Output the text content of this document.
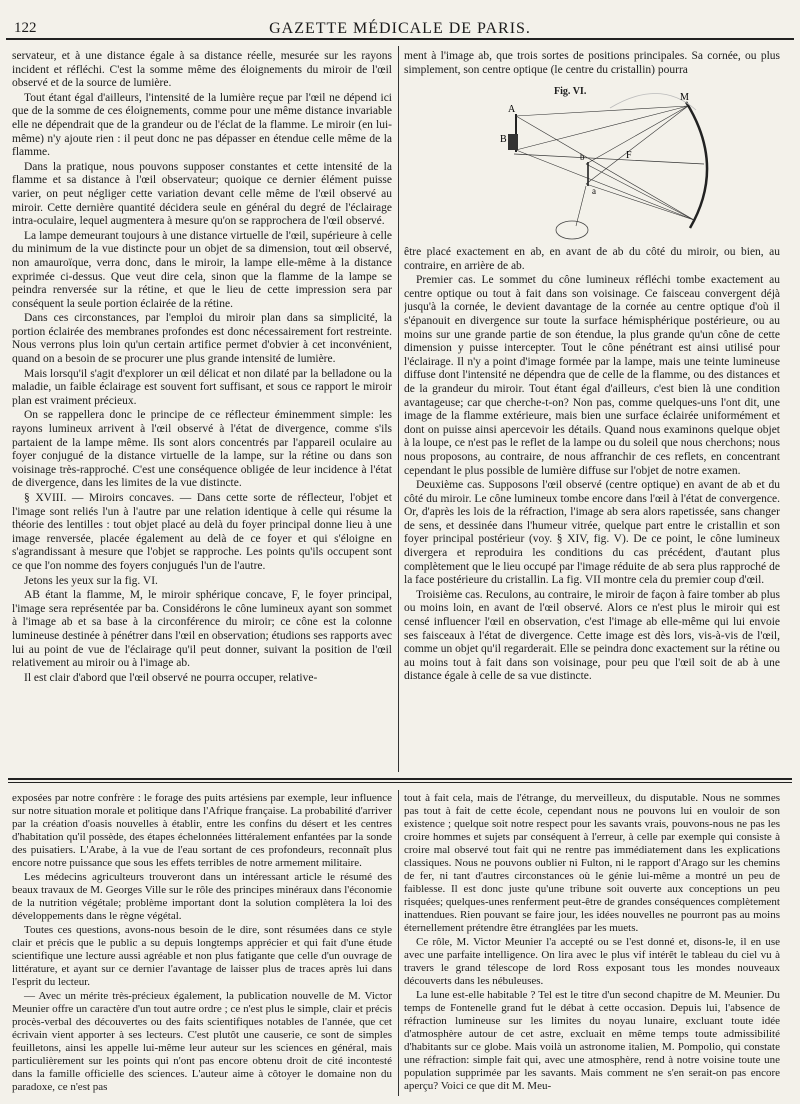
122	GAZETTE MÉDICALE DE PARIS.

servateur, et à une distance égale à sa distance réelle, mesurée sur les rayons incident et réfléchi. C'est la somme même des éloignements du miroir de l'œil observé et de la source de lumière.

Tout étant égal d'ailleurs, l'intensité de la lumière reçue par l'œil ne dépend ici que de la somme de ces éloignements, comme pour une même distance invariable elle ne dépendrait que de la grandeur ou de l'éclat de la flamme. Le miroir (en lui-même) n'y ajoute rien : il peut donc ne pas dépasser en étendue celle même de la flamme.

Dans la pratique, nous pouvons supposer constantes et cette intensité de la flamme et sa distance à l'œil observateur; quoique ce dernier élément puisse varier, on peut négliger cette variation devant celle même de l'œil observé au miroir. Cette dernière quantité décidera seule en général du degré de l'éclairage intra-oculaire, lequel augmentera à mesure qu'on se rapprochera de l'œil observé.

La lampe demeurant toujours à une distance virtuelle de l'œil, supérieure à celle du minimum de la vue distincte pour un objet de sa dimension, tout œil observé, non amauroïque, verra donc, dans le miroir, la lampe elle-même à la distance exprimée ci-dessus. Que veut dire cela, sinon que la flamme de la lampe se peindra renversée sur la rétine, et que le lieu de cette impression sera par conséquent la seule portion éclairée de la rétine.

Dans ces circonstances, par l'emploi du miroir plan dans sa simplicité, la portion éclairée des membranes profondes est donc nécessairement fort restreinte. Nous verrons plus loin qu'un certain artifice permet d'obvier à cet inconvénient, quand on a besoin de se procurer une plus grande intensité de lumière.

Mais lorsqu'il s'agit d'explorer un œil délicat et non dilaté par la belladone ou la maladie, un faible éclairage est souvent fort suffisant, et sous ce rapport le miroir plan est vraiment précieux.

On se rappellera donc le principe de ce réflecteur éminemment simple: les rayons lumineux arrivent à l'œil observé à l'état de divergence, comme s'ils partaient de la lampe même. Ils sont alors concentrés par l'appareil oculaire au foyer conjugué de la distance virtuelle de la lampe, sur la rétine ou dans son voisinage très-rapproché. C'est une conséquence obligée de leur incidence à l'état de divergence, dans les limites de la vue distincte.

§ XVIII. — Miroirs concaves. — Dans cette sorte de réflecteur, l'objet et l'image sont reliés l'un à l'autre par une relation identique à celle qui résume la théorie des lentilles : tout objet placé au delà du foyer principal donne lieu à une image renversée, placée également au delà de ce foyer et qui s'éloigne en s'agrandissant à mesure que l'objet se rapproche. Les points qu'ils occupent sont ce que l'on nomme des foyers conjugués l'un de l'autre.

Jetons les yeux sur la fig. VI.

AB étant la flamme, M, le miroir sphérique concave, F, le foyer principal, l'image sera représentée par ba. Considérons le cône lumineux ayant son sommet à l'image ab et sa base à la circonférence du miroir; ce cône est la colonne lumineuse destinée à pénétrer dans l'œil en observation; étudions ses rapports avec lui au point de vue de l'éclairage qu'il peut donner, suivant la position de l'œil relativement au miroir ou à l'image ab.

Il est clair d'abord que l'œil observé ne pourra occuper, relative-

ment à l'image ab, que trois sortes de positions principales. Sa cornée, ou plus simplement, son centre optique (le centre du cristallin) pourra

Fig. VI.
A
B
M
F
b
a

être placé exactement en ab, en avant de ab du côté du miroir, ou bien, au contraire, en arrière de ab.

Premier cas. Le sommet du cône lumineux réfléchi tombe exactement au centre optique ou tout à fait dans son voisinage. Ce faisceau convergent déjà jusqu'à la cornée, le devient davantage de la cornée au centre optique d'où il s'épanouit en divergence sur toute la surface hémisphérique postérieure, ou au moins sur une grande partie de son étendue, la plus grande qu'un cône de cette dimension y puisse intercepter. Tout le cône pénétrant est ainsi utilisé pour l'éclairage. Il n'y a point d'image formée par la lampe, mais une teinte lumineuse diffuse dont l'intensité ne dépendra que de celle de la flamme, ou des distances et de la grandeur du miroir. Tout étant égal d'ailleurs, c'est bien là une condition avantageuse; car que cherche-t-on? Non pas, comme quelques-uns l'ont dit, une image de la flamme extérieure, mais bien une surface éclairée uniformément et dont on puisse ainsi apercevoir les détails. Quand nous examinons quelque objet à la loupe, ce n'est pas le reflet de la lampe ou du soleil que nous cherchons; nous nous proposons, au contraire, de nous affranchir de ces reflets, en concentrant cependant le plus possible de lumière diffuse sur l'objet de notre examen.

Deuxième cas. Supposons l'œil observé (centre optique) en avant de ab et du côté du miroir. Le cône lumineux tombe encore dans l'œil à l'état de convergence. Or, d'après les lois de la réfraction, l'image ab sera alors rapetissée, sans changer de sens, et dessinée dans l'humeur vitrée, quelque part entre le cristallin et son foyer principal postérieur (voy. § XIV, fig. V). De ce point, le cône lumineux divergera et reproduira les conditions du cas précédent, d'autant plus complètement que le lieu occupé par l'image réduite de ab sera plus rapproché de la face postérieure du cristallin. La fig. VII montre cela du premier coup d'œil.

Troisième cas. Reculons, au contraire, le miroir de façon à faire tomber ab plus ou moins loin, en avant de l'œil observé. Alors ce n'est plus le miroir qui est censé influencer l'œil en observation, c'est l'image ab elle-même qui lui envoie ses faisceaux à l'état de divergence. Cette image est dès lors, vis-à-vis de l'œil, comme un objet qu'il regarderait. Elle se peindra donc exactement sur la rétine ou au moins tout à fait dans son voisinage, pour peu que l'œil soit de ab à une distance égale à celle de sa vue distincte.

exposées par notre confrère : le forage des puits artésiens par exemple, leur influence sur notre situation morale et politique dans l'Afrique française. La probabilité d'arriver par la création d'oasis nouvelles à établir, entre les confins du désert et les centres d'habitation qu'il possède, des étapes échelonnées littéralement enfantées par la sonde des puisatiers. L'Arabe, à la vue de l'eau sortant de ces profondeurs, reconnaît plus encore notre puissance que sous les effets terribles de notre armement militaire.

Les médecins agriculteurs trouveront dans un intéressant article le résumé des beaux travaux de M. Georges Ville sur le rôle des principes minéraux dans l'économie de la nutrition végétale; problème important dont la solution complètera la loi des développements dans le règne végétal.

Toutes ces questions, avons-nous besoin de le dire, sont résumées dans ce style clair et précis que le public a su depuis longtemps apprécier et qui fait d'une étude scientifique une lecture aussi agréable et non plus fatigante que celle d'un ouvrage de littérature, et ayant sur ce dernier l'avantage de laisser plus de traces après lui dans l'esprit du lecteur.

— Avec un mérite très-précieux également, la publication nouvelle de M. Victor Meunier offre un caractère d'un tout autre ordre ; ce n'est plus le simple, clair et précis procès-verbal des découvertes ou des faits scientifiques notables de l'année, que cet écrivain vient apporter à ses lecteurs. C'est plutôt une causerie, ce sont de simples feuilletons, ainsi les appelle lui-même leur auteur sur les sciences en général, mais particulièrement sur les points qui n'ont pas encore obtenu droit de cité incontesté dans la famille officielle des sciences. L'auteur aime à côtoyer le domaine non du paradoxe, ce n'est pas

tout à fait cela, mais de l'étrange, du merveilleux, du disputable. Nous ne sommes pas tout à fait de cette école, cependant nous ne pouvons lui en vouloir de son existence ; quelque soit notre respect pour les savants vrais, pouvons-nous ne pas les croire hommes et sujets par conséquent à l'erreur, à celle par exemple qui consiste à croire mal observé tout fait qui ne rentre pas immédiatement dans les explications classiques. Nous ne pouvons oublier ni Fulton, ni le rapport d'Arago sur les chemins de fer, ni tant d'autres circonstances où le génie lui-même a montré un peu de faiblesse. Il est donc juste qu'une tribune soit ouverte aux conceptions un peu risquées; quelques-unes renferment peut-être de grandes conséquences complètement inattendues. Rien pouvant se faire jour, les idées nouvelles ne pourront pas au moins éternellement prétendre être étranglées par les muets.

Ce rôle, M. Victor Meunier l'a accepté ou se l'est donné et, disons-le, il en use avec une parfaite intelligence. On lira avec le plus vif intérêt le tableau du ciel vu à travers le grand télescope de lord Ross exposant tous les mondes nouveaux découverts dans les nébuleuses.

La lune est-elle habitable ? Tel est le titre d'un second chapitre de M. Meunier. Du temps de Fontenelle grand fut le débat à cette occasion. Depuis lui, l'absence de réfraction lumineuse sur les limites du noyau lunaire, excluant toute idée d'atmosphère autour de cet astre, excluait en même temps toute admissibilité d'habitants sur ce globe. Mais voilà un astronome italien, M. Pompolio, qui constate une réfraction: simple fait qui, avec une atmosphère, rend à notre voisine toute une population supprimée par les savants. Mais comment ne s'en serait-on pas encore aperçu? Voici ce que dit M. Meu-
